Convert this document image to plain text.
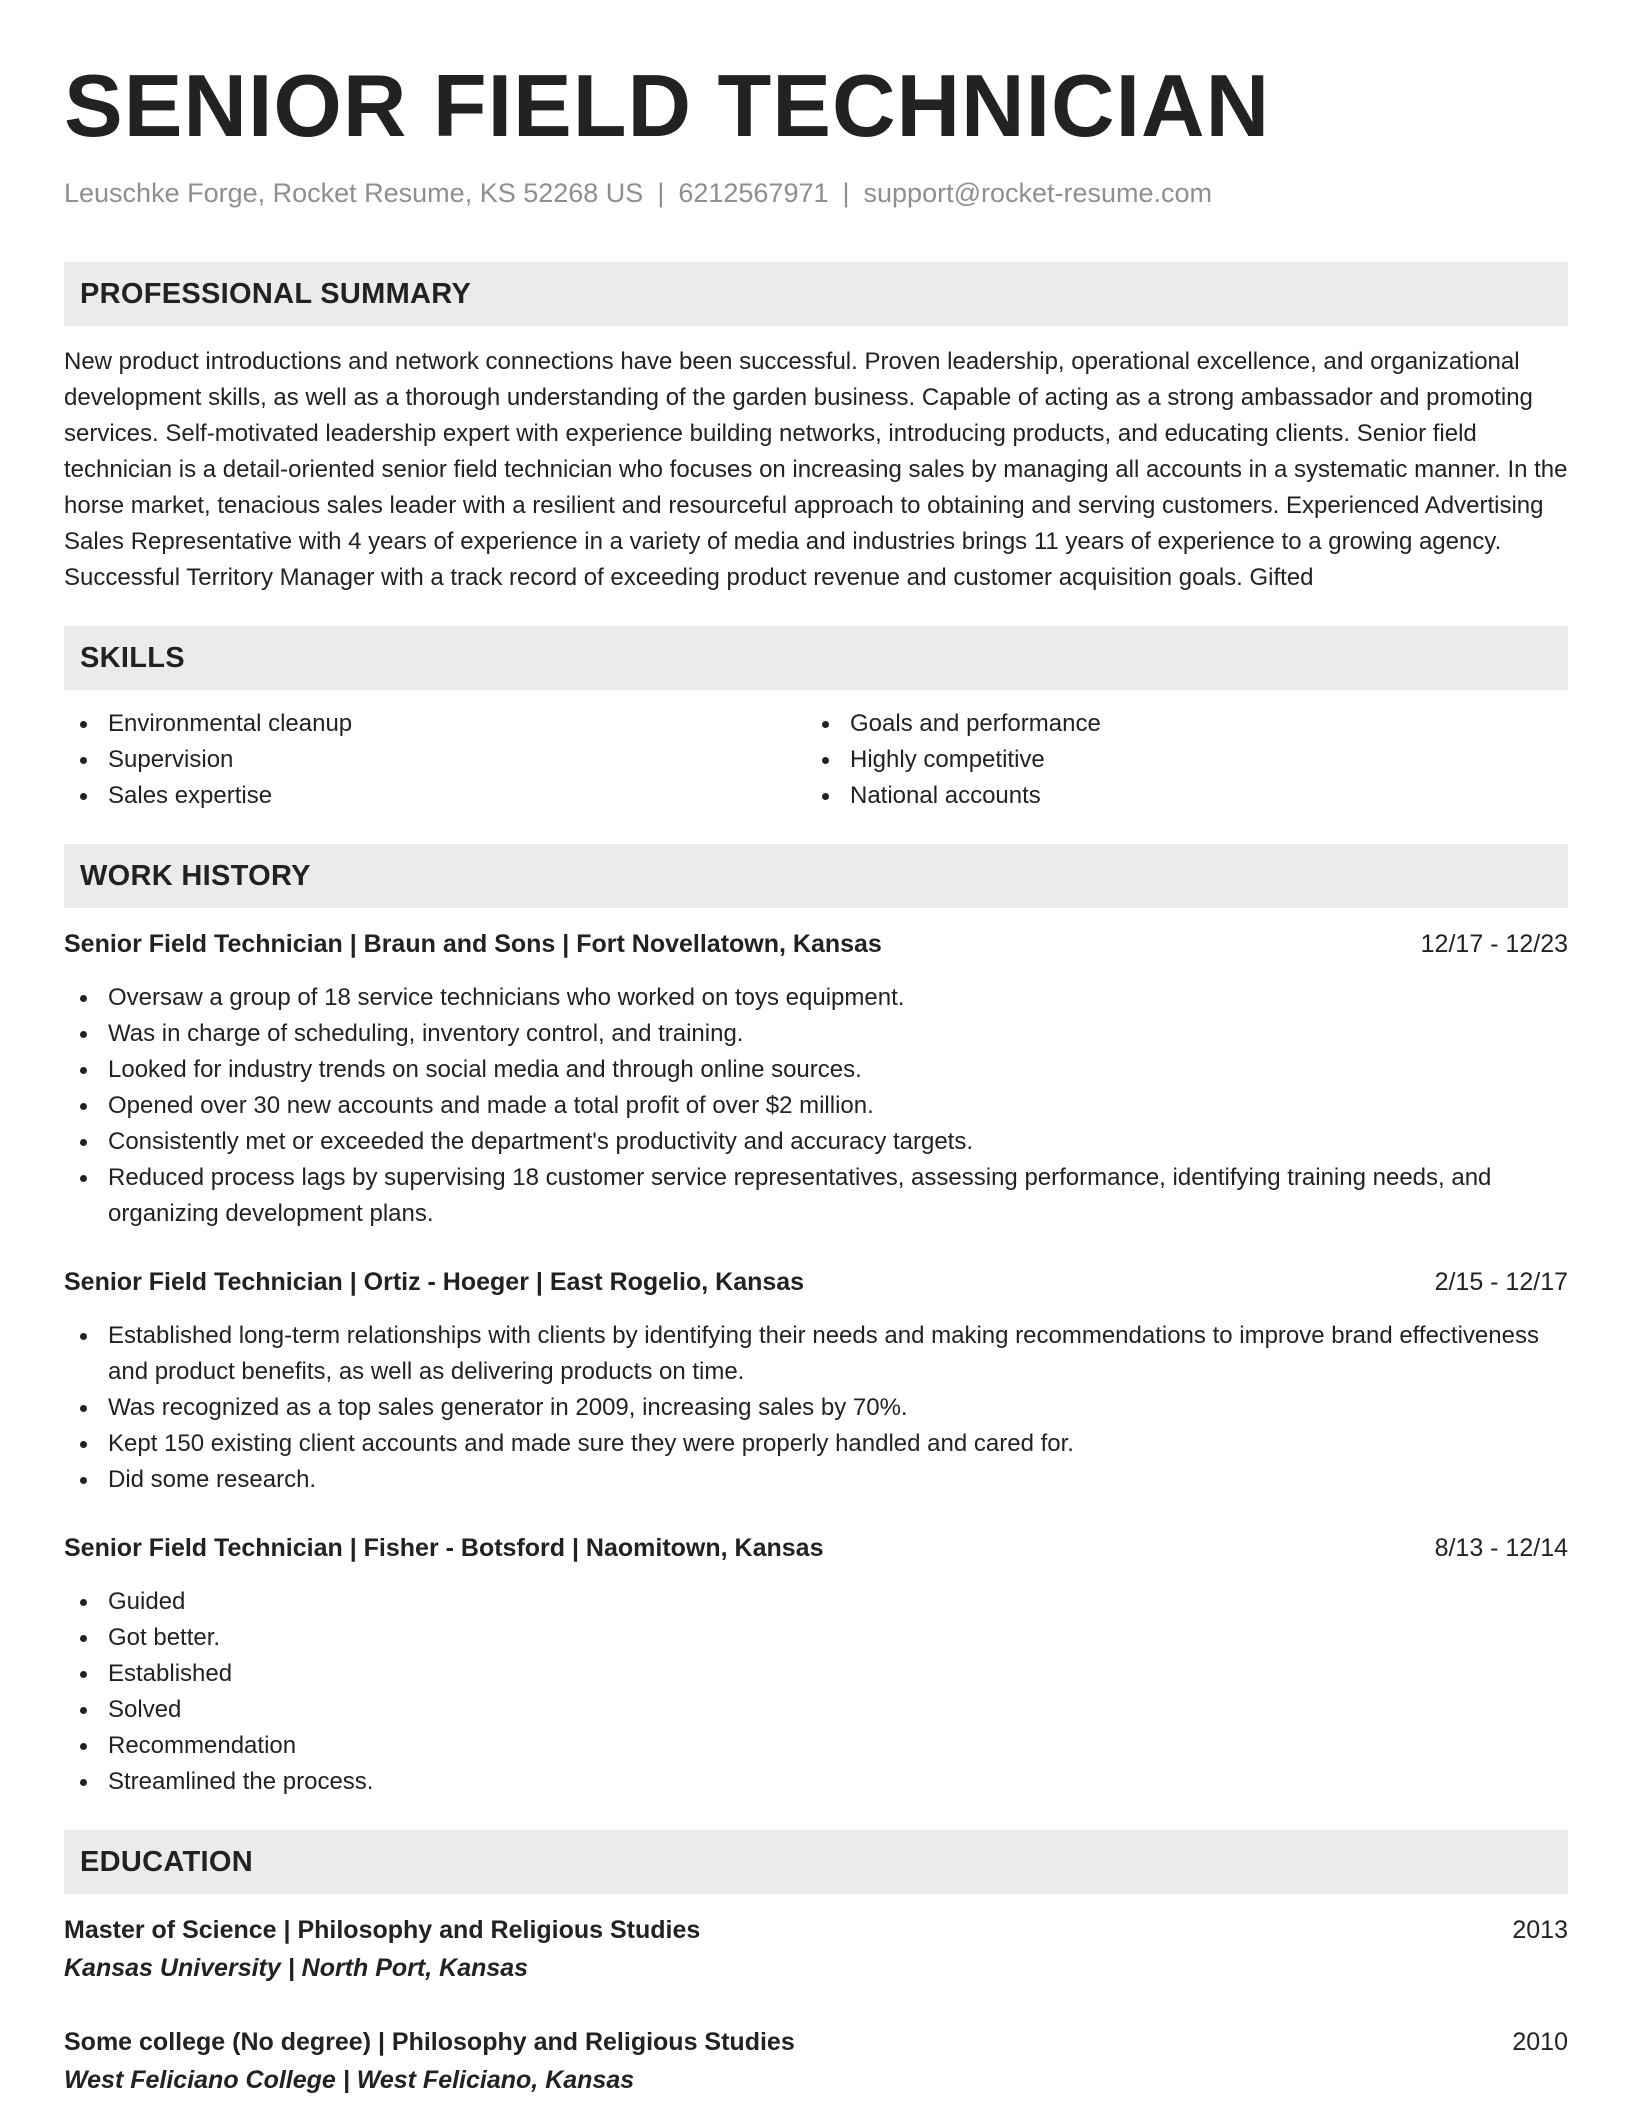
SENIOR FIELD TECHNICIAN
Leuschke Forge, Rocket Resume, KS 52268 US | 6212567971 | support@rocket-resume.com
PROFESSIONAL SUMMARY
New product introductions and network connections have been successful. Proven leadership, operational excellence, and organizational development skills, as well as a thorough understanding of the garden business. Capable of acting as a strong ambassador and promoting services. Self-motivated leadership expert with experience building networks, introducing products, and educating clients. Senior field technician is a detail-oriented senior field technician who focuses on increasing sales by managing all accounts in a systematic manner. In the horse market, tenacious sales leader with a resilient and resourceful approach to obtaining and serving customers. Experienced Advertising Sales Representative with 4 years of experience in a variety of media and industries brings 11 years of experience to a growing agency. Successful Territory Manager with a track record of exceeding product revenue and customer acquisition goals. Gifted
SKILLS
Environmental cleanup
Supervision
Sales expertise
Goals and performance
Highly competitive
National accounts
WORK HISTORY
Senior Field Technician | Braun and Sons | Fort Novellatown, Kansas	12/17 - 12/23
Oversaw a group of 18 service technicians who worked on toys equipment.
Was in charge of scheduling, inventory control, and training.
Looked for industry trends on social media and through online sources.
Opened over 30 new accounts and made a total profit of over $2 million.
Consistently met or exceeded the department's productivity and accuracy targets.
Reduced process lags by supervising 18 customer service representatives, assessing performance, identifying training needs, and organizing development plans.
Senior Field Technician | Ortiz - Hoeger | East Rogelio, Kansas	2/15 - 12/17
Established long-term relationships with clients by identifying their needs and making recommendations to improve brand effectiveness and product benefits, as well as delivering products on time.
Was recognized as a top sales generator in 2009, increasing sales by 70%.
Kept 150 existing client accounts and made sure they were properly handled and cared for.
Did some research.
Senior Field Technician | Fisher - Botsford | Naomitown, Kansas	8/13 - 12/14
Guided
Got better.
Established
Solved
Recommendation
Streamlined the process.
EDUCATION
Master of Science | Philosophy and Religious Studies	2013
Kansas University | North Port, Kansas
Some college (No degree) | Philosophy and Religious Studies	2010
West Feliciano College | West Feliciano, Kansas
